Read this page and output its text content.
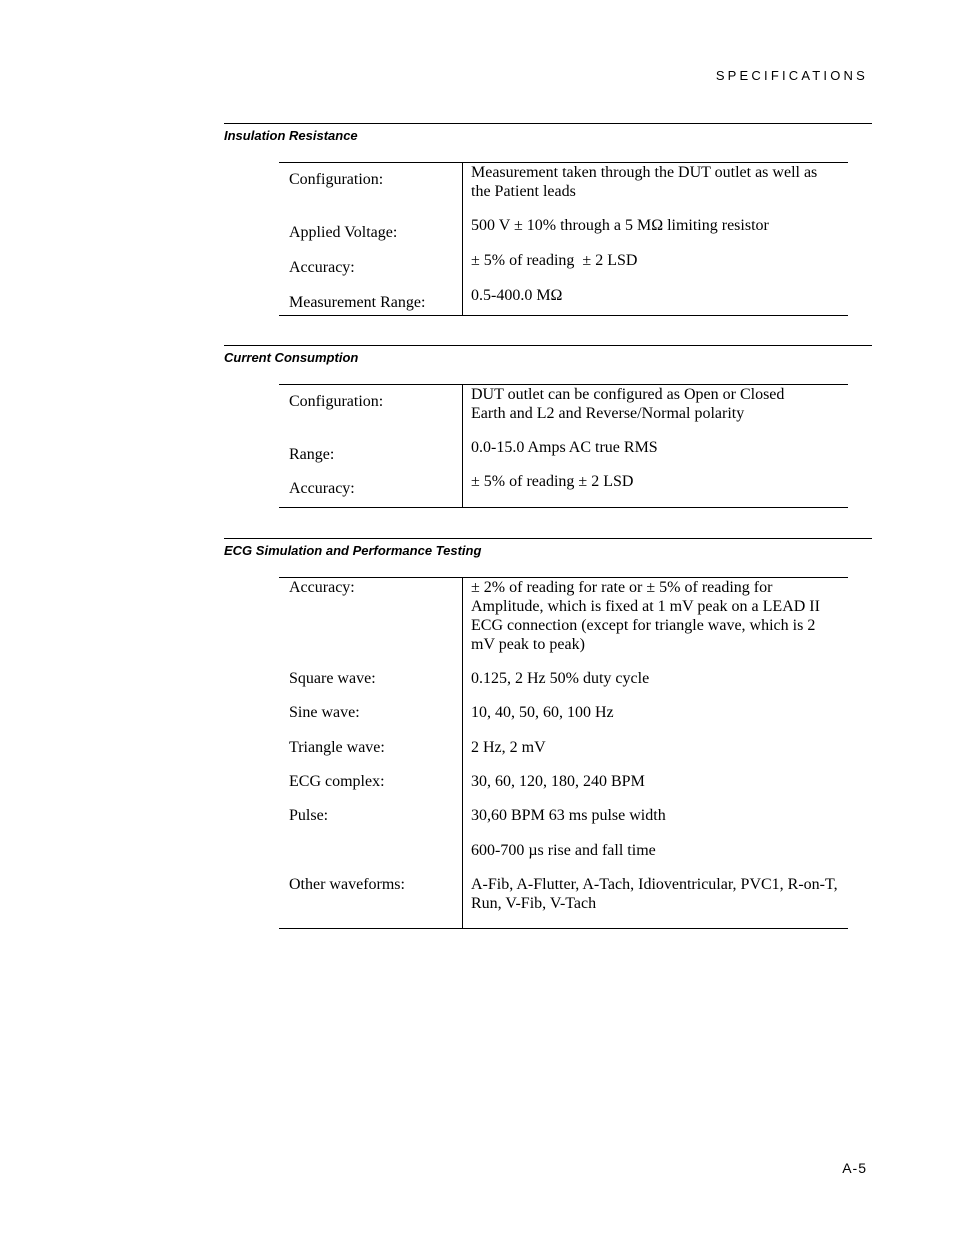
SPECIFICATIONS
Insulation Resistance
Configuration:	Measurement taken through the DUT outlet as well as the Patient leads
Applied Voltage:	500 V ± 10% through a 5 MΩ limiting resistor
Accuracy:	± 5% of reading  ± 2 LSD
Measurement Range:	0.5-400.0 MΩ
Current Consumption
Configuration:	DUT outlet can be configured as Open or Closed Earth and L2 and Reverse/Normal polarity
Range:	0.0-15.0 Amps AC true RMS
Accuracy:	± 5% of reading ± 2 LSD
ECG Simulation and Performance Testing
Accuracy:	± 2% of reading for rate or ± 5% of reading for Amplitude, which is fixed at 1 mV peak on a LEAD II ECG connection (except for triangle wave, which is 2 mV peak to peak)
Square wave:	0.125, 2 Hz 50% duty cycle
Sine wave:	10, 40, 50, 60, 100 Hz
Triangle wave:	2 Hz, 2 mV
ECG complex:	30, 60, 120, 180, 240 BPM
Pulse:	30,60 BPM 63 ms pulse width
600-700 µs rise and fall time
Other waveforms:	A-Fib, A-Flutter, A-Tach, Idioventricular, PVC1, R-on-T, Run, V-Fib, V-Tach
A-5
